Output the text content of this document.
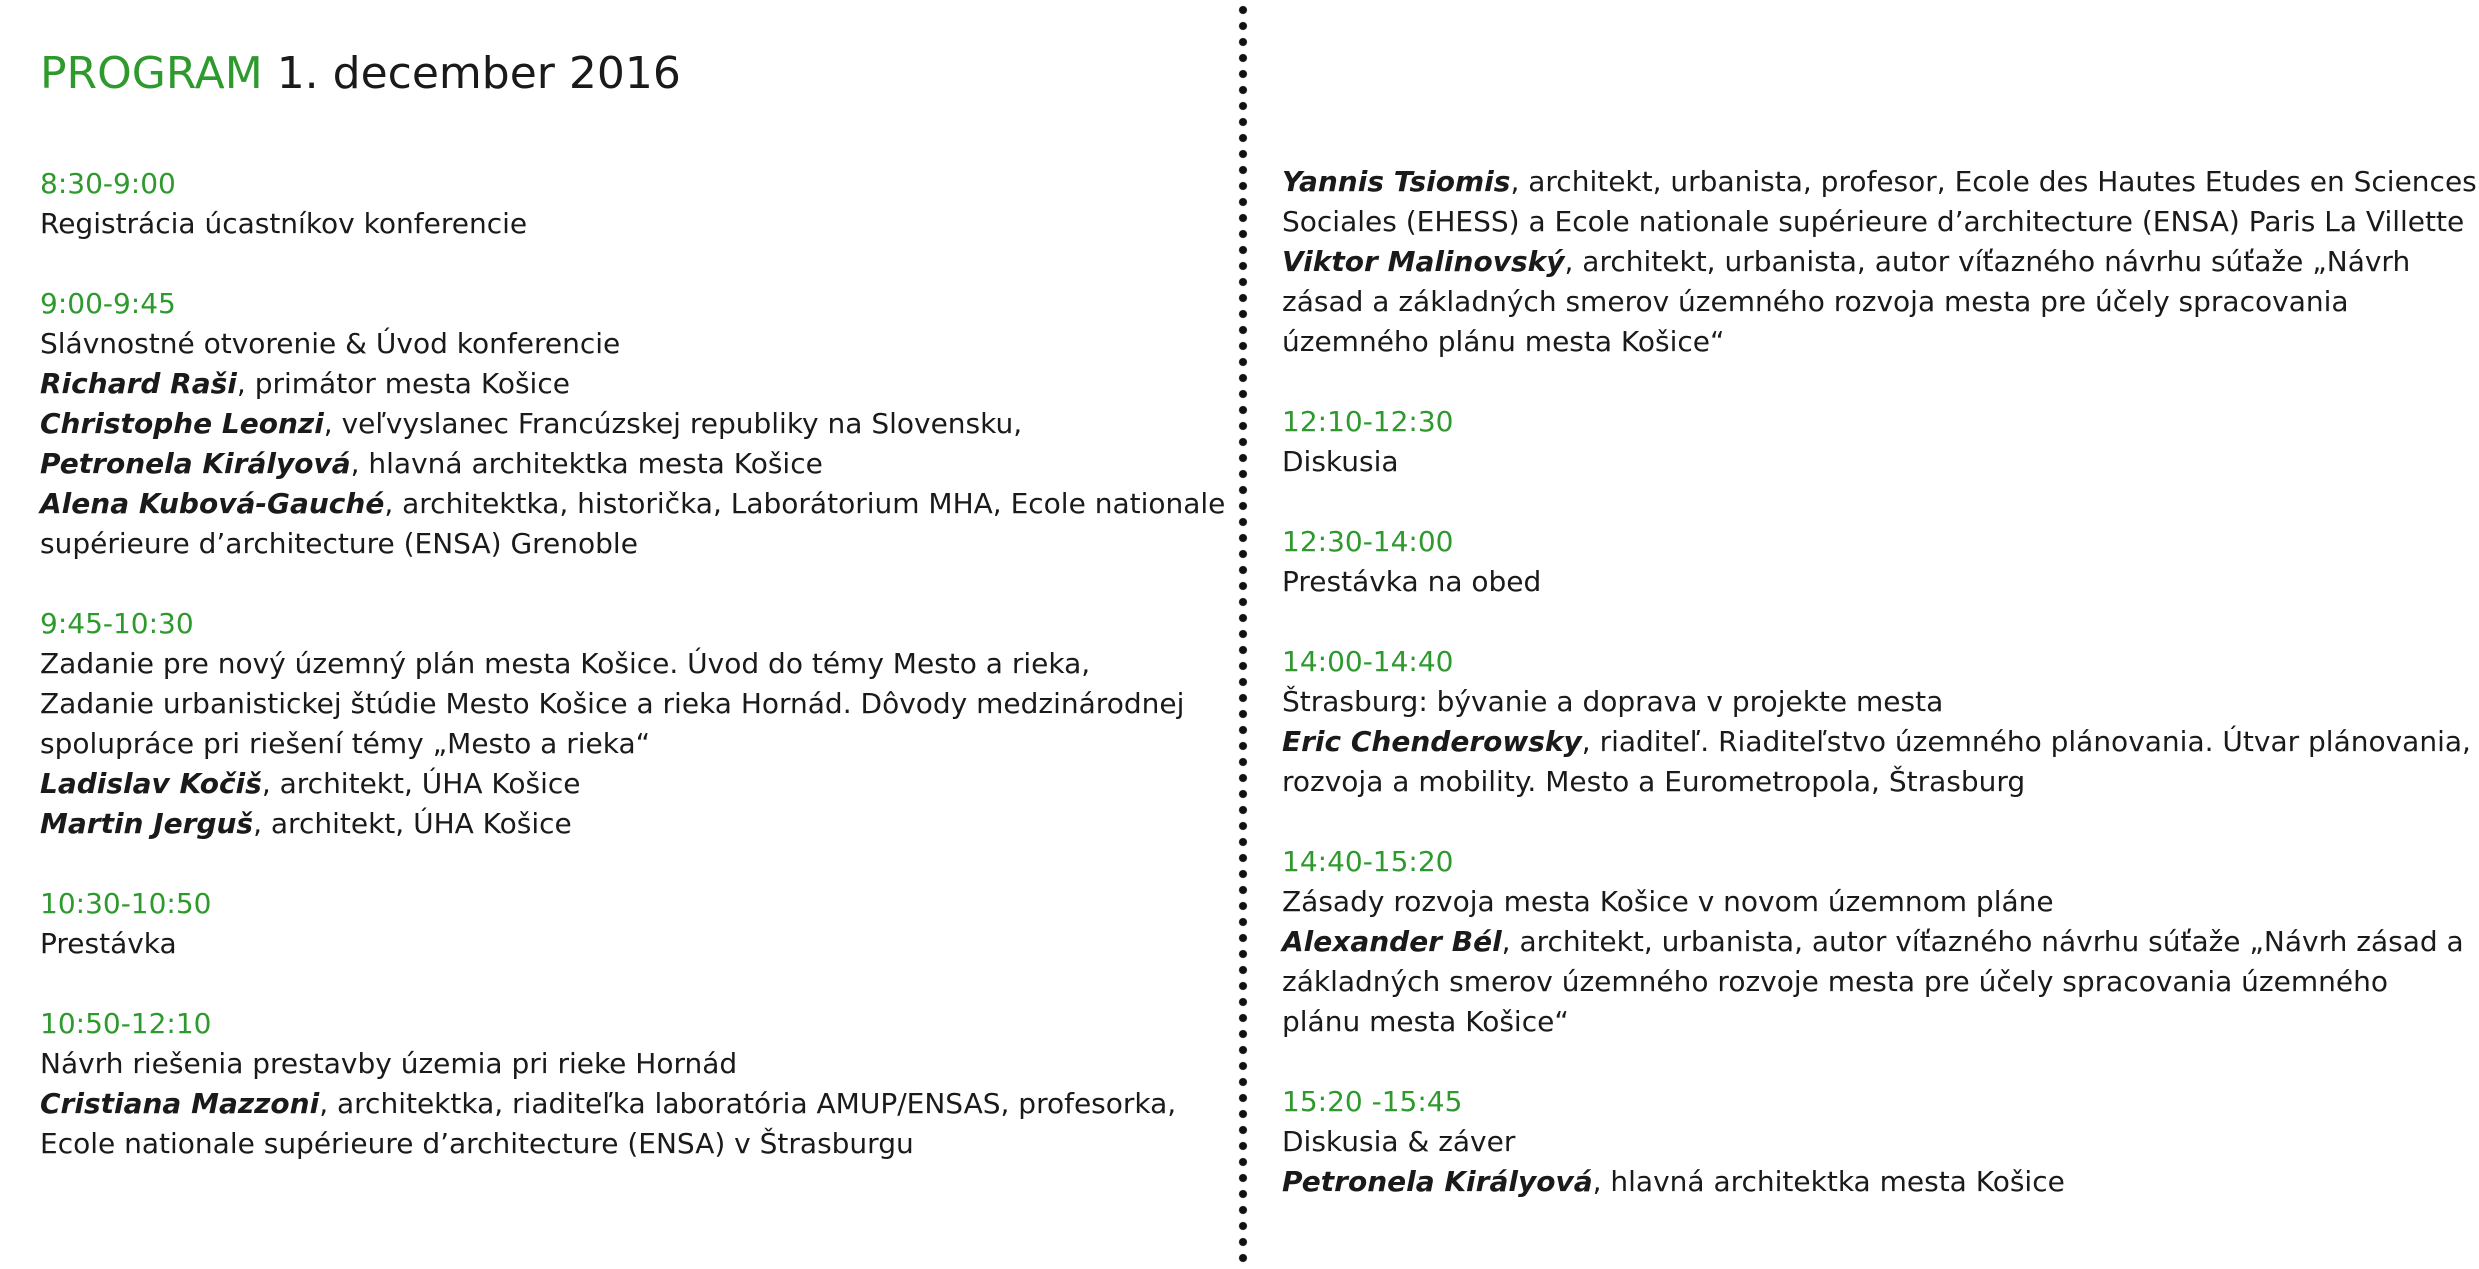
PROGRAM 1. december 2016
8:30-9:00
Registrácia úcastníkov konferencie
9:00-9:45
Slávnostné otvorenie & Úvod konferencie
Richard Raši, primátor mesta Košice
Christophe Leonzi, veľvyslanec Francúzskej republiky na Slovensku,
Petronela Királyová, hlavná architektka mesta Košice
Alena Kubová-Gauché, architektka, historička, Laborátorium MHA, Ecole nationale
supérieure d’architecture (ENSA) Grenoble
9:45-10:30
Zadanie pre nový územný plán mesta Košice. Úvod do témy Mesto a rieka,
Zadanie urbanistickej štúdie Mesto Košice a rieka Hornád. Dôvody medzinárodnej
spolupráce pri riešení témy „Mesto a rieka“
Ladislav Kočiš, architekt, ÚHA Košice
Martin Jerguš, architekt, ÚHA Košice
10:30-10:50
Prestávka
10:50-12:10
Návrh riešenia prestavby územia pri rieke Hornád
Cristiana Mazzoni, architektka, riaditeľka laboratória AMUP/ENSAS, profesorka,
Ecole nationale supérieure d’architecture (ENSA) v Štrasburgu
Yannis Tsiomis, architekt, urbanista, profesor, Ecole des Hautes Etudes en Sciences
Sociales (EHESS) a Ecole nationale supérieure d’architecture (ENSA) Paris La Villette
Viktor Malinovský, architekt, urbanista, autor víťazného návrhu súťaže „Návrh
zásad a základných smerov územného rozvoja mesta pre účely spracovania
územného plánu mesta Košice“
12:10-12:30
Diskusia
12:30-14:00
Prestávka na obed
14:00-14:40
Štrasburg: bývanie a doprava v projekte mesta
Eric Chenderowsky, riaditeľ. Riaditeľstvo územného plánovania. Útvar plánovania,
rozvoja a mobility. Mesto a Eurometropola, Štrasburg
14:40-15:20
Zásady rozvoja mesta Košice v novom územnom pláne
Alexander Bél, architekt, urbanista, autor víťazného návrhu súťaže „Návrh zásad a
základných smerov územného rozvoje mesta pre účely spracovania územného
plánu mesta Košice“
15:20 -15:45
Diskusia & záver
Petronela Királyová, hlavná architektka mesta Košice
